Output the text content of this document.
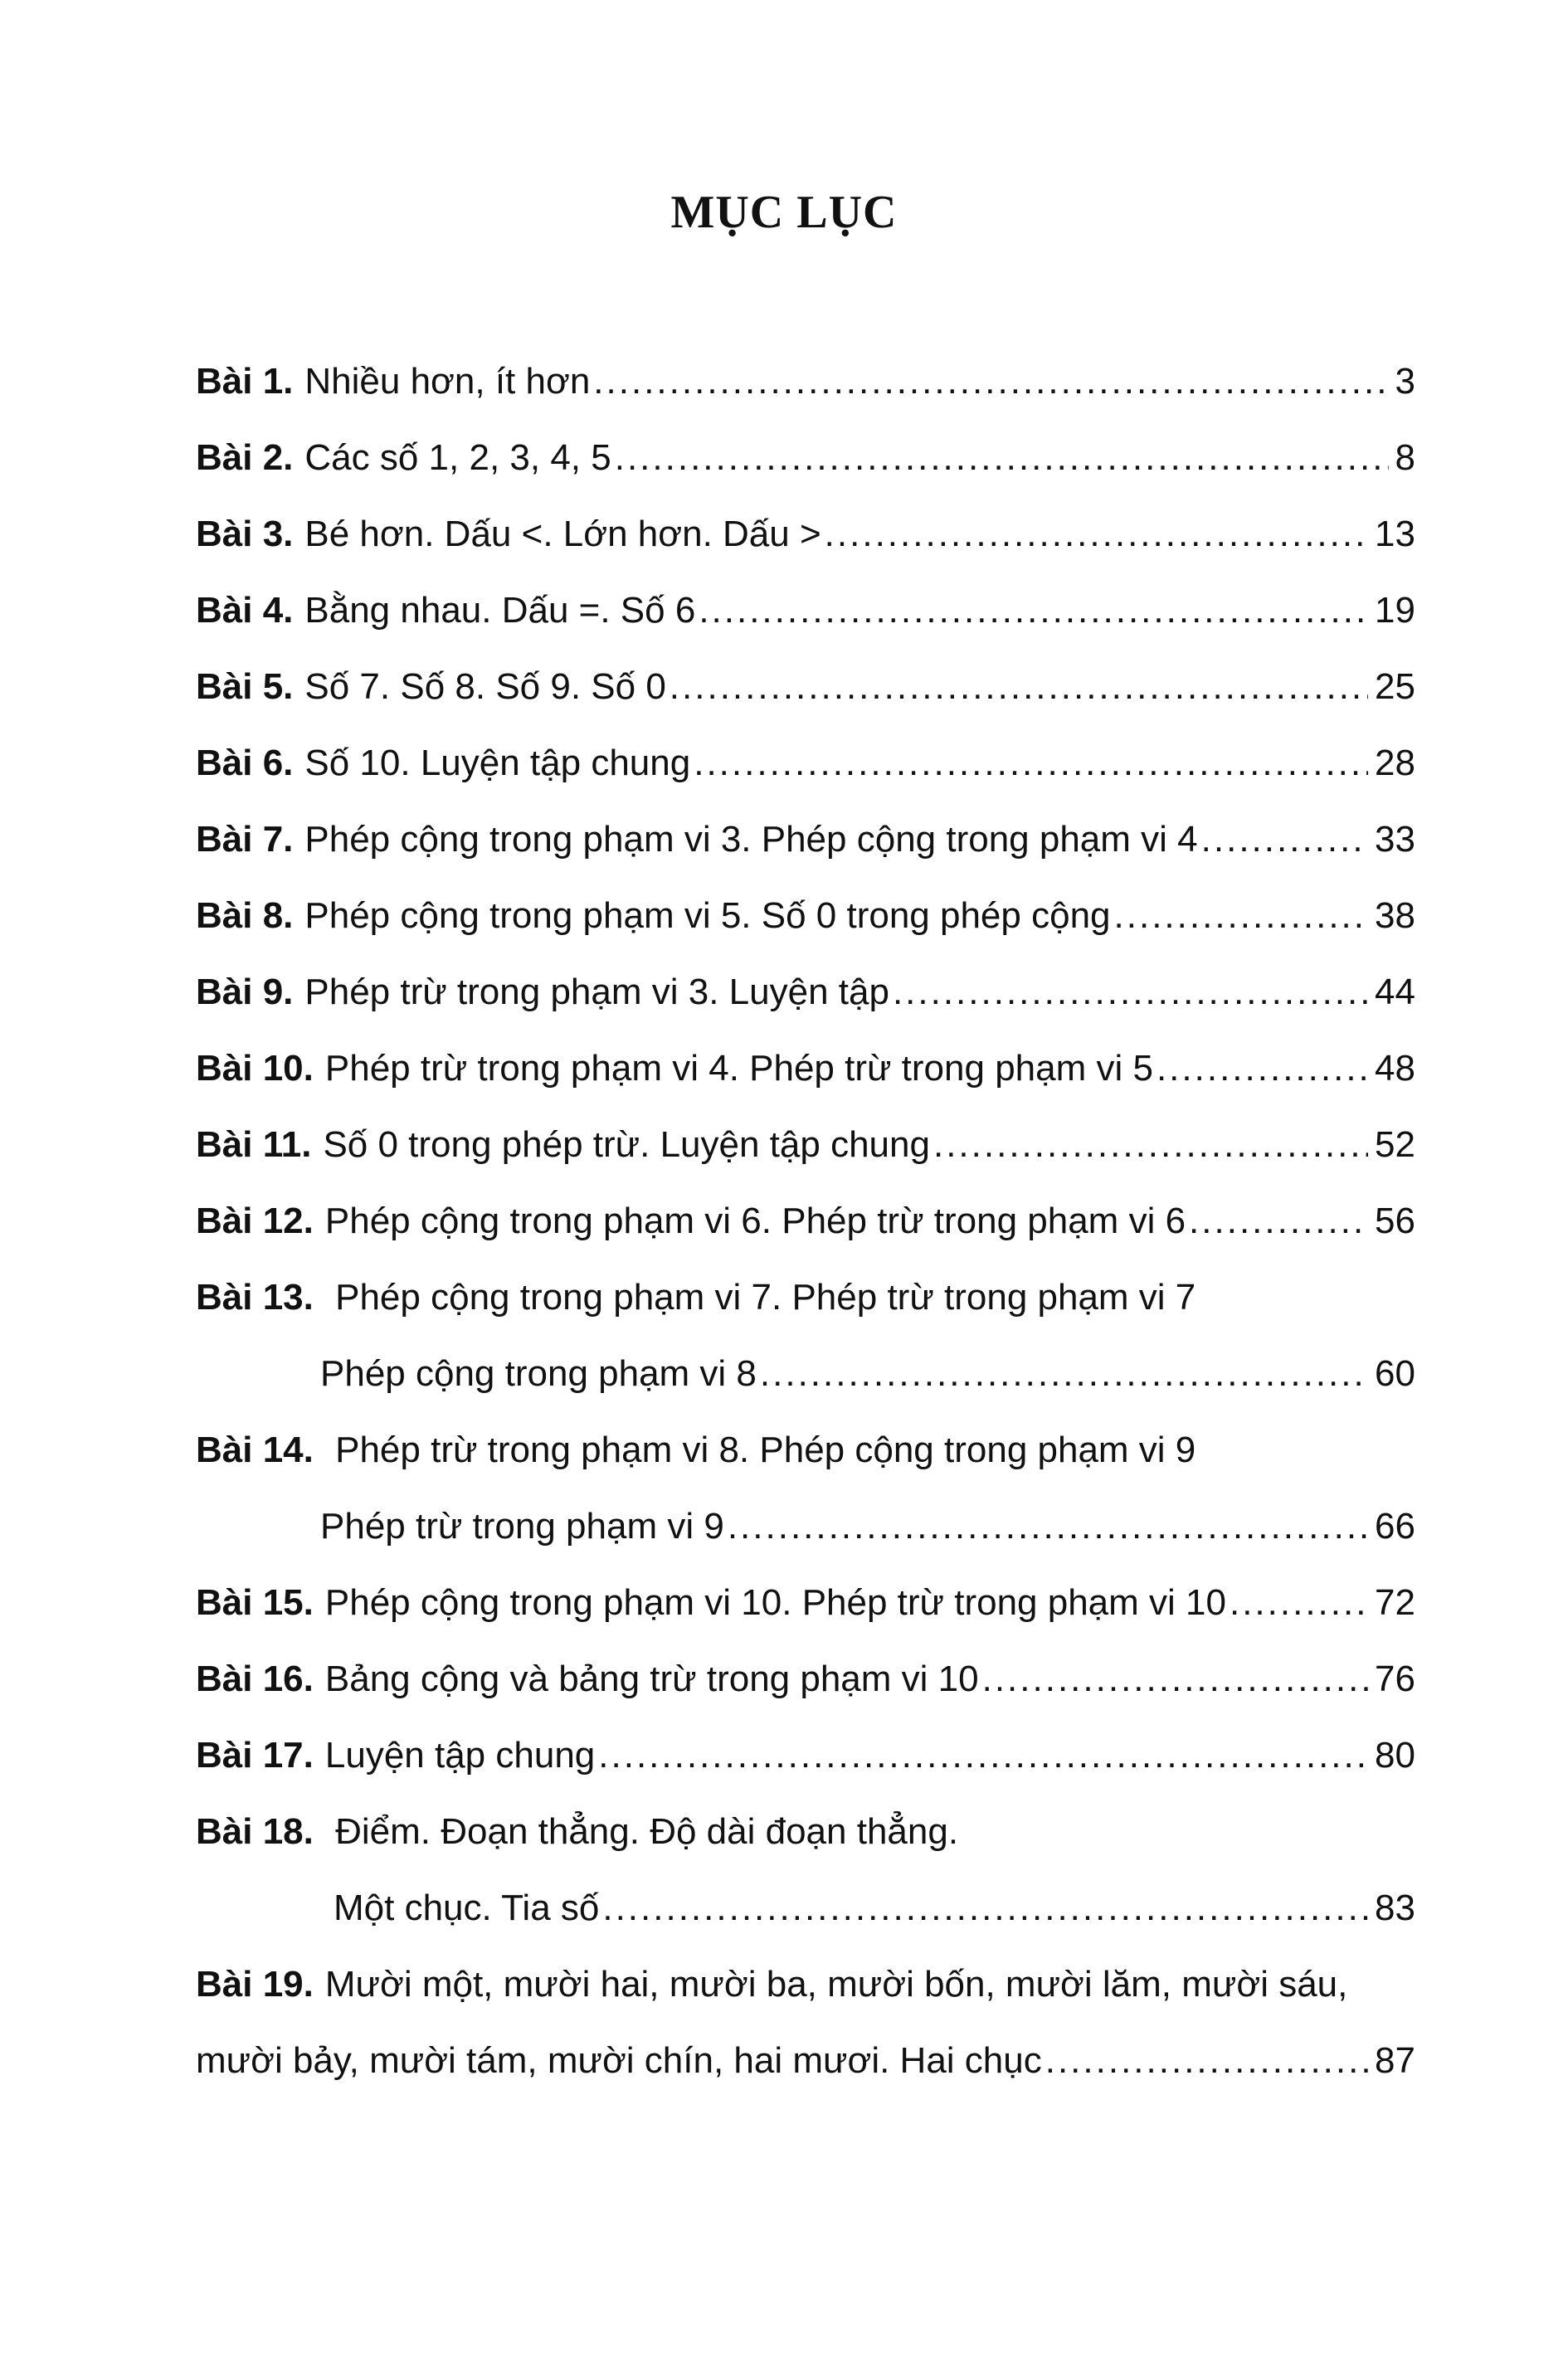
MỤC LỤC
Bài 1. Nhiều hơn, ít hơn .....	3
Bài 2. Các số 1, 2, 3, 4, 5 .....	8
Bài 3. Bé hơn. Dấu <. Lớn hơn. Dấu > .....	13
Bài 4. Bằng nhau. Dấu =. Số 6 .....	19
Bài 5. Số 7. Số 8. Số 9. Số 0 .....	25
Bài 6. Số 10. Luyện tập chung .....	28
Bài 7. Phép cộng trong phạm vi 3. Phép cộng trong phạm vi 4 .....	33
Bài 8. Phép cộng trong phạm vi 5. Số 0 trong phép cộng .....	38
Bài 9. Phép trừ trong phạm vi 3. Luyện tập .....	44
Bài 10. Phép trừ trong phạm vi 4. Phép trừ trong phạm vi 5 .....	48
Bài 11. Số 0 trong phép trừ. Luyện tập chung .....	52
Bài 12. Phép cộng trong phạm vi 6. Phép trừ trong phạm vi 6 .....	56
Bài 13. Phép cộng trong phạm vi 7. Phép trừ trong phạm vi 7
Phép cộng trong phạm vi 8 .....	60
Bài 14. Phép trừ trong phạm vi 8. Phép cộng trong phạm vi 9
Phép trừ trong phạm vi 9 .....	66
Bài 15. Phép cộng trong phạm vi 10. Phép trừ trong phạm vi 10 .....	72
Bài 16. Bảng cộng và bảng trừ trong phạm vi 10 .....	76
Bài 17. Luyện tập chung .....	80
Bài 18. Điểm. Đoạn thẳng. Độ dài đoạn thẳng.
Một chục. Tia số .....	83
Bài 19. Mười một, mười hai, mười ba, mười bốn, mười lăm, mười sáu,
mười bảy, mười tám, mười chín, hai mươi. Hai chục .....	87
